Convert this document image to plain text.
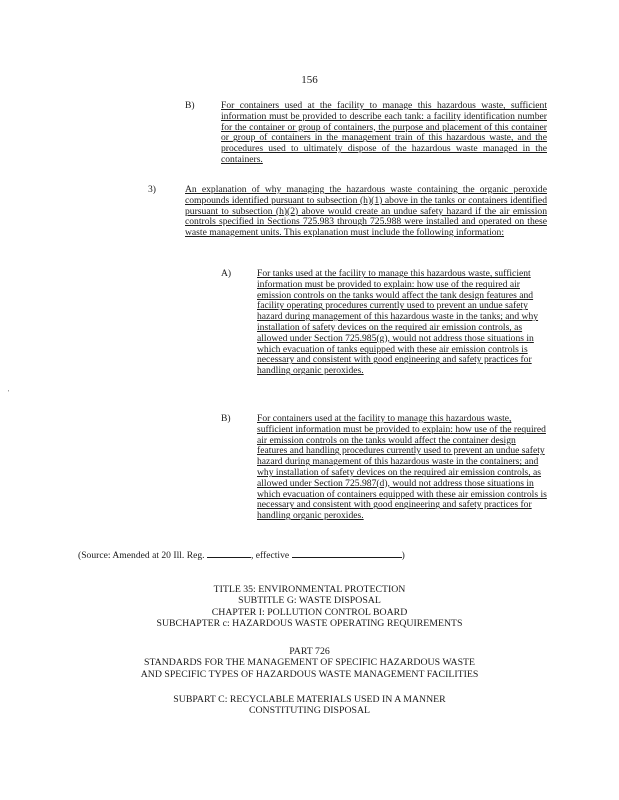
156
B)	For containers used at the facility to manage this hazardous waste, sufficient information must be provided to describe each tank: a facility identification number for the container or group of containers, the purpose and placement of this container or group of containers in the management train of this hazardous waste, and the procedures used to ultimately dispose of the hazardous waste managed in the containers.

3)	An explanation of why managing the hazardous waste containing the organic peroxide compounds identified pursuant to subsection (h)(1) above in the tanks or containers identified pursuant to subsection (h)(2) above would create an undue safety hazard if the air emission controls specified in Sections 725.983 through 725.988 were installed and operated on these waste management units. This explanation must include the following information:

A)	For tanks used at the facility to manage this hazardous waste, sufficient information must be provided to explain: how use of the required air emission controls on the tanks would affect the tank design features and facility operating procedures currently used to prevent an undue safety hazard during management of this hazardous waste in the tanks; and why installation of safety devices on the required air emission controls, as allowed under Section 725.985(g), would not address those situations in which evacuation of tanks equipped with these air emission controls is necessary and consistent with good engineering and safety practices for handling organic peroxides.

B)	For containers used at the facility to manage this hazardous waste, sufficient information must be provided to explain: how use of the required air emission controls on the tanks would affect the container design features and handling procedures currently used to prevent an undue safety hazard during management of this hazardous waste in the containers; and why installation of safety devices on the required air emission controls, as allowed under Section 725.987(d), would not address those situations in which evacuation of containers equipped with these air emission controls is necessary and consistent with good engineering and safety practices for handling organic peroxides.

'
(Source: Amended at 20 Ill. Reg.	, effective	)
TITLE 35: ENVIRONMENTAL PROTECTION
SUBTITLE G: WASTE DISPOSAL
CHAPTER I: POLLUTION CONTROL BOARD
SUBCHAPTER c: HAZARDOUS WASTE OPERATING REQUIREMENTS
PART 726
STANDARDS FOR THE MANAGEMENT OF SPECIFIC HAZARDOUS WASTE
AND SPECIFIC TYPES OF HAZARDOUS WASTE MANAGEMENT FACILITIES
SUBPART C: RECYCLABLE MATERIALS USED IN A MANNER
CONSTITUTING DISPOSAL
